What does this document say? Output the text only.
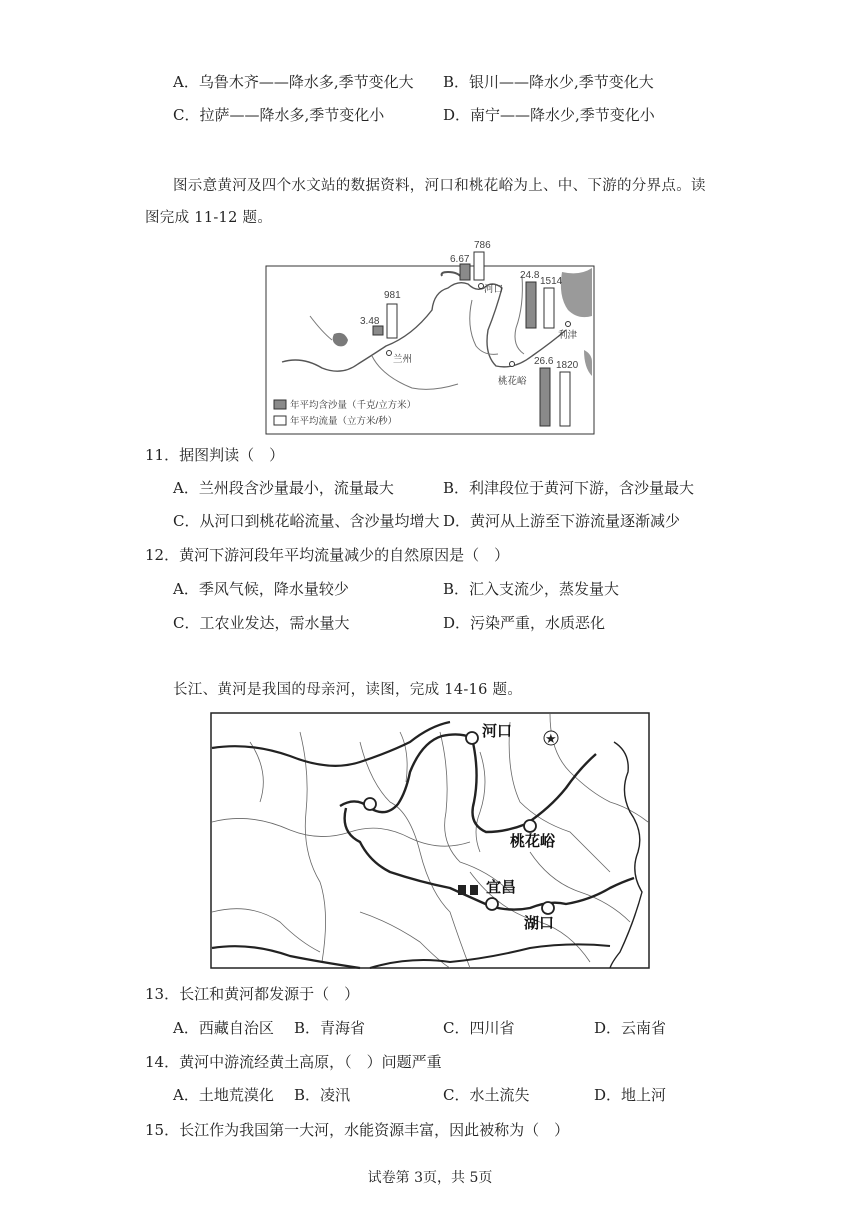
A．乌鲁木齐——降水多,季节变化大 B．银川——降水少,季节变化大
C．拉萨——降水多,季节变化小	D．南宁——降水少,季节变化小
图示意黄河及四个水文站的数据资料，河口和桃花峪为上、中、下游的分界点。读
图完成 11-12 题。
3.48
981
兰州
6.67
786
河口
24.8
1514
利津
26.6 1820
桃花峪
年平均含沙量（千克/立方米）
年平均流量（立方米/秒）
11．据图判读（　）
A．兰州段含沙量最小，流量最大	B．利津段位于黄河下游，含沙量最大
C．从河口到桃花峪流量、含沙量均增大 D．黄河从上游至下游流量逐渐减少
12．黄河下游河段年平均流量减少的自然原因是（　）
A．季风气候，降水量较少	B．汇入支流少，蒸发量大
C．工农业发达，需水量大	D．污染严重，水质恶化
长江、黄河是我国的母亲河，读图，完成 14-16 题。
★
河口
桃花峪
宜昌
湖口
13．长江和黄河都发源于（　）
A．西藏自治区 B．青海省	C．四川省	D．云南省
14．黄河中游流经黄土高原，（　）问题严重
A．土地荒漠化 B．凌汛	C．水土流失	D．地上河
15．长江作为我国第一大河，水能资源丰富，因此被称为（　）
试卷第 3页，共 5页
